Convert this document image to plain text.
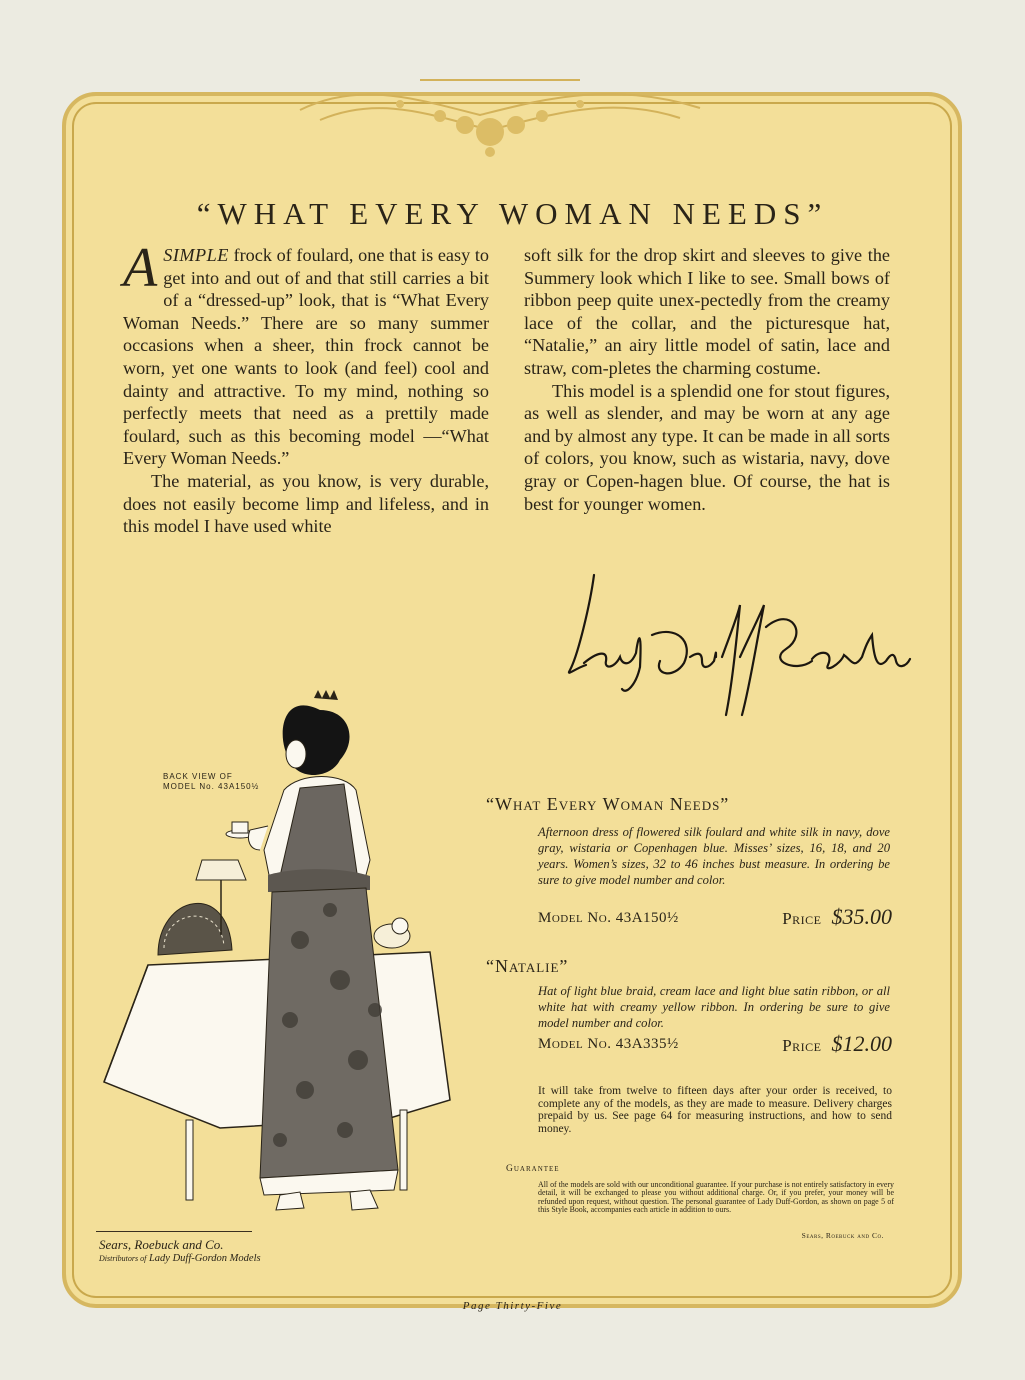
“WHAT EVERY WOMAN NEEDS”

ASIMPLE frock of foulard, one that is easy to get into and out of and that still carries a bit of a “dressed-up” look, that is “What Every Woman Needs.” There are so many summer occasions when a sheer, thin frock cannot be worn, yet one wants to look (and feel) cool and dainty and attractive. To my mind, nothing so perfectly meets that need as a prettily made foulard, such as this becoming model —“What Every Woman Needs.”

The material, as you know, is very durable, does not easily become limp and lifeless, and in this model I have used white

soft silk for the drop skirt and sleeves to give the Summery look which I like to see. Small bows of ribbon peep quite unex-pectedly from the creamy lace of the collar, and the picturesque hat, “Natalie,” an airy little model of satin, lace and straw, com-pletes the charming costume.

This model is a splendid one for stout figures, as well as slender, and may be worn at any age and by almost any type. It can be made in all sorts of colors, you know, such as wistaria, navy, dove gray or Copen-hagen blue. Of course, the hat is best for younger women.

BACK VIEW OF
MODEL No. 43A150½
Sears, Roebuck and Co.
Distributors of Lady Duff-Gordon Models
“What Every Woman Needs”
Afternoon dress of flowered silk foulard and white silk in navy, dove gray, wistaria or Copenhagen blue. Misses’ sizes, 16, 18, and 20 years. Women’s sizes, 32 to 46 inches bust measure. In ordering be sure to give model number and color.
Model No. 43A150½	Price $35.00
“Natalie”
Hat of light blue braid, cream lace and light blue satin ribbon, or all white hat with creamy yellow ribbon. In ordering be sure to give model number and color.
Model No. 43A335½	Price $12.00
It will take from twelve to fifteen days after your order is received, to complete any of the models, as they are made to measure. Delivery charges prepaid by us. See page 64 for measuring instructions, and how to send money.
Guarantee
All of the models are sold with our unconditional guarantee. If your purchase is not entirely satisfactory in every detail, it will be exchanged to please you without additional charge. Or, if you prefer, your money will be refunded upon request, without question. The personal guarantee of Lady Duff-Gordon, as shown on page 5 of this Style Book, accompanies each article in addition to ours.
Sears, Roebuck and Co.
Page Thirty-Five
